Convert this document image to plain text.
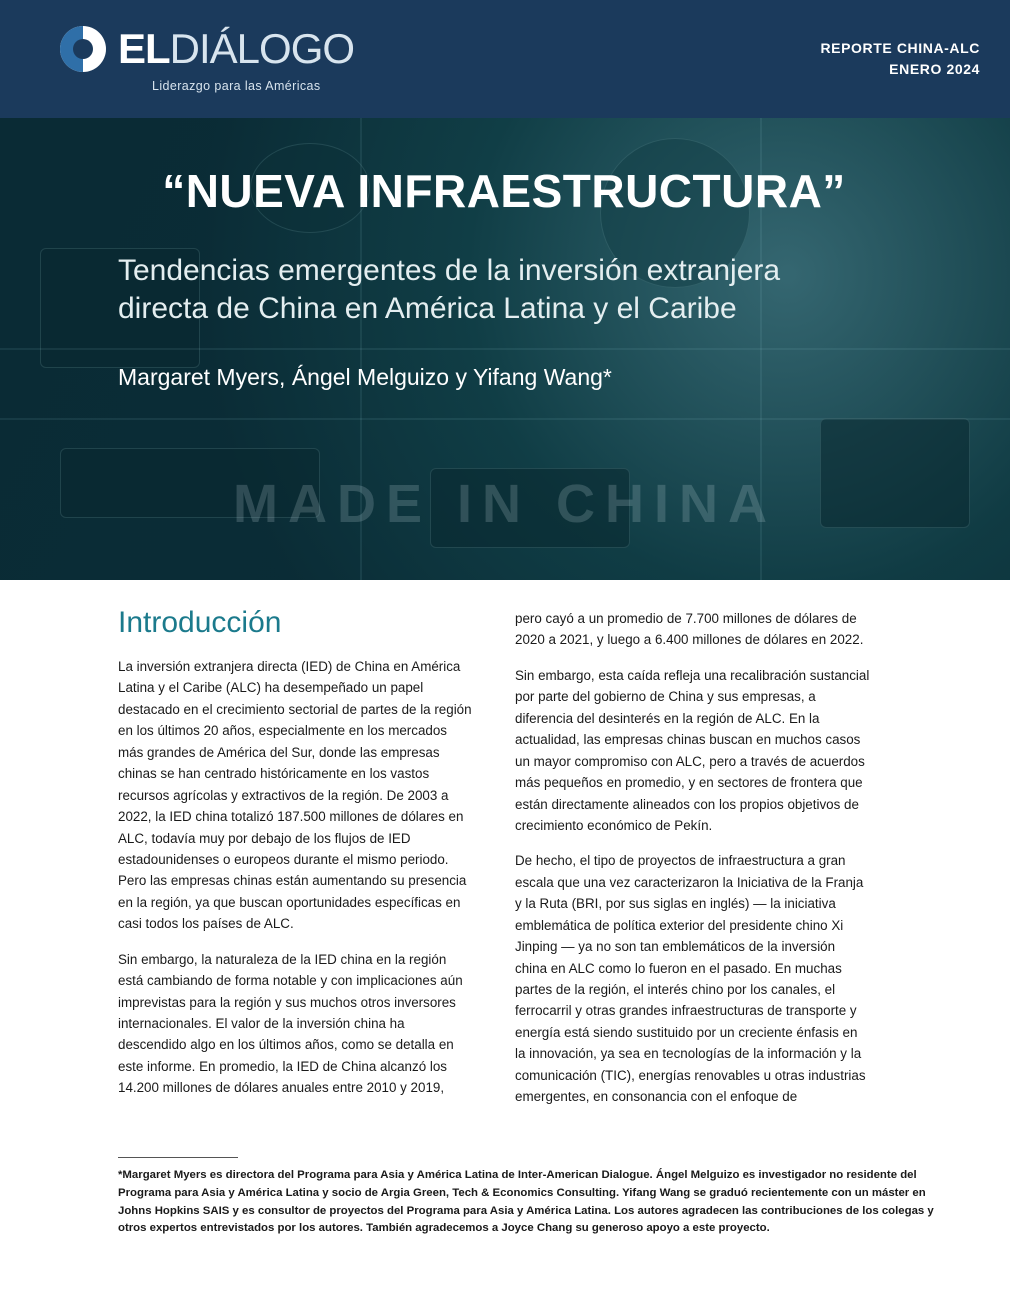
ELDIÁLOGO
Liderazgo para las Américas
REPORTE CHINA-ALC
ENERO 2024
“NUEVA INFRAESTRUCTURA”
Tendencias emergentes de la inversión extranjera directa de China en América Latina y el Caribe

Margaret Myers, Ángel Melguizo y Yifang Wang*

Introducción

La inversión extranjera directa (IED) de China en América Latina y el Caribe (ALC) ha desempeñado un papel destacado en el crecimiento sectorial de partes de la región en los últimos 20 años, especialmente en los mercados más grandes de América del Sur, donde las empresas chinas se han centrado históricamente en los vastos recursos agrícolas y extractivos de la región. De 2003 a 2022, la IED china totalizó 187.500 millones de dólares en ALC, todavía muy por debajo de los flujos de IED estadounidenses o europeos durante el mismo periodo. Pero las empresas chinas están aumentando su presencia en la región, ya que buscan oportunidades específicas en casi todos los países de ALC.

Sin embargo, la naturaleza de la IED china en la región está cambiando de forma notable y con implicaciones aún imprevistas para la región y sus muchos otros inversores internacionales. El valor de la inversión china ha descendido algo en los últimos años, como se detalla en este informe. En promedio, la IED de China alcanzó los 14.200 millones de dólares anuales entre 2010 y 2019,

pero cayó a un promedio de 7.700 millones de dólares de 2020 a 2021, y luego a 6.400 millones de dólares en 2022.

Sin embargo, esta caída refleja una recalibración sustancial por parte del gobierno de China y sus empresas, a diferencia del desinterés en la región de ALC. En la actualidad, las empresas chinas buscan en muchos casos un mayor compromiso con ALC, pero a través de acuerdos más pequeños en promedio, y en sectores de frontera que están directamente alineados con los propios objetivos de crecimiento económico de Pekín.

De hecho, el tipo de proyectos de infraestructura a gran escala que una vez caracterizaron la Iniciativa de la Franja y la Ruta (BRI, por sus siglas en inglés) — la iniciativa emblemática de política exterior del presidente chino Xi Jinping — ya no son tan emblemáticos de la inversión china en ALC como lo fueron en el pasado. En muchas partes de la región, el interés chino por los canales, el ferrocarril y otras grandes infraestructuras de transporte y energía está siendo sustituido por un creciente énfasis en la innovación, ya sea en tecnologías de la información y la comunicación (TIC), energías renovables u otras industrias emergentes, en consonancia con el enfoque de

*Margaret Myers es directora del Programa para Asia y América Latina de Inter-American Dialogue. Ángel Melguizo es investigador no residente del Programa para Asia y América Latina y socio de Argia Green, Tech & Economics Consulting. Yifang Wang se graduó recientemente con un máster en Johns Hopkins SAIS y es consultor de proyectos del Programa para Asia y América Latina. Los autores agradecen las contribuciones de los colegas y otros expertos entrevistados por los autores. También agradecemos a Joyce Chang su generoso apoyo a este proyecto.
